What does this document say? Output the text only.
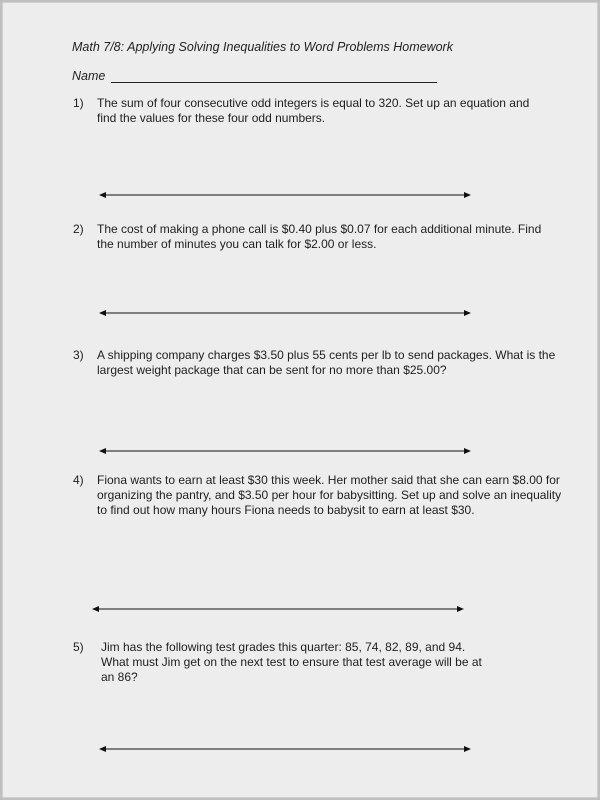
Math 7/8: Applying Solving Inequalities to Word Problems Homework
Name
1) The sum of four consecutive odd integers is equal to 320. Set up an equation and
find the values for these four odd numbers.
2) The cost of making a phone call is $0.40 plus $0.07 for each additional minute. Find
the number of minutes you can talk for $2.00 or less.
3) A shipping company charges $3.50 plus 55 cents per lb to send packages. What is the
largest weight package that can be sent for no more than $25.00?
4) Fiona wants to earn at least $30 this week. Her mother said that she can earn $8.00 for
organizing the pantry, and $3.50 per hour for babysitting. Set up and solve an inequality
to find out how many hours Fiona needs to babysit to earn at least $30.
5) Jim has the following test grades this quarter: 85, 74, 82, 89, and 94.
What must Jim get on the next test to ensure that test average will be at
an 86?
